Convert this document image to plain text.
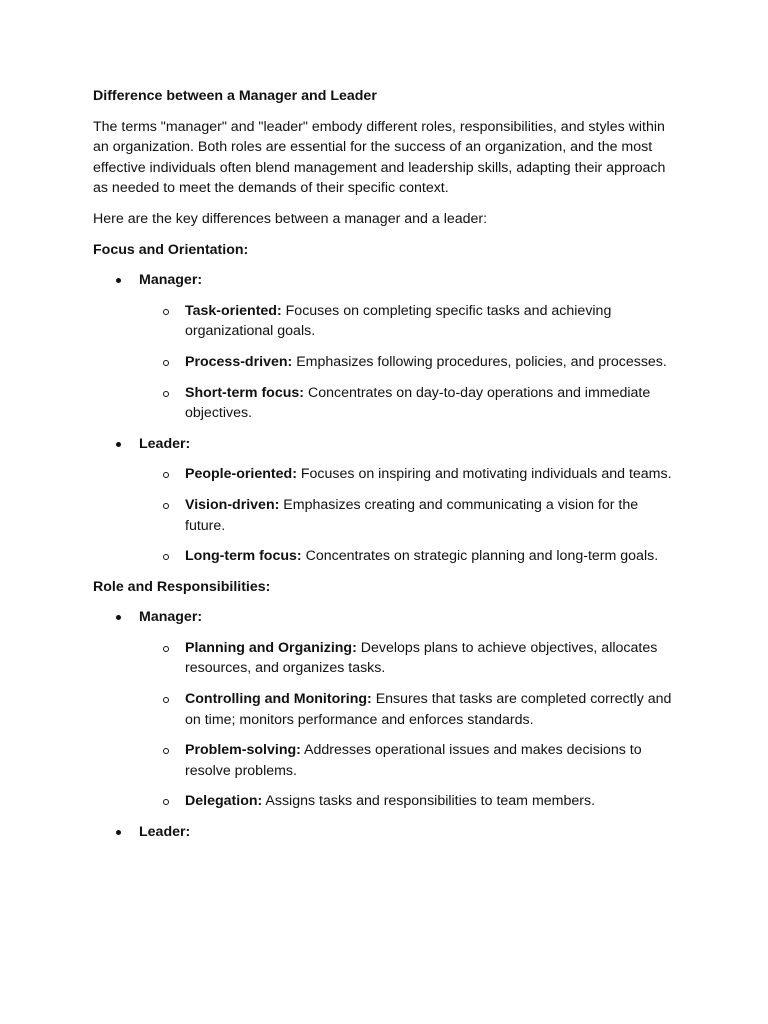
Difference between a Manager and Leader

The terms "manager" and "leader" embody different roles, responsibilities, and styles within an organization. Both roles are essential for the success of an organization, and the most effective individuals often blend management and leadership skills, adapting their approach as needed to meet the demands of their specific context.

Here are the key differences between a manager and a leader:

Focus and Orientation:

Manager:
Task-oriented: Focuses on completing specific tasks and achieving organizational goals.
Process-driven: Emphasizes following procedures, policies, and processes.
Short-term focus: Concentrates on day-to-day operations and immediate objectives.
Leader:
People-oriented: Focuses on inspiring and motivating individuals and teams.
Vision-driven: Emphasizes creating and communicating a vision for the future.
Long-term focus: Concentrates on strategic planning and long-term goals.

Role and Responsibilities:

Manager:
Planning and Organizing: Develops plans to achieve objectives, allocates resources, and organizes tasks.
Controlling and Monitoring: Ensures that tasks are completed correctly and on time; monitors performance and enforces standards.
Problem-solving: Addresses operational issues and makes decisions to resolve problems.
Delegation: Assigns tasks and responsibilities to team members.
Leader:
